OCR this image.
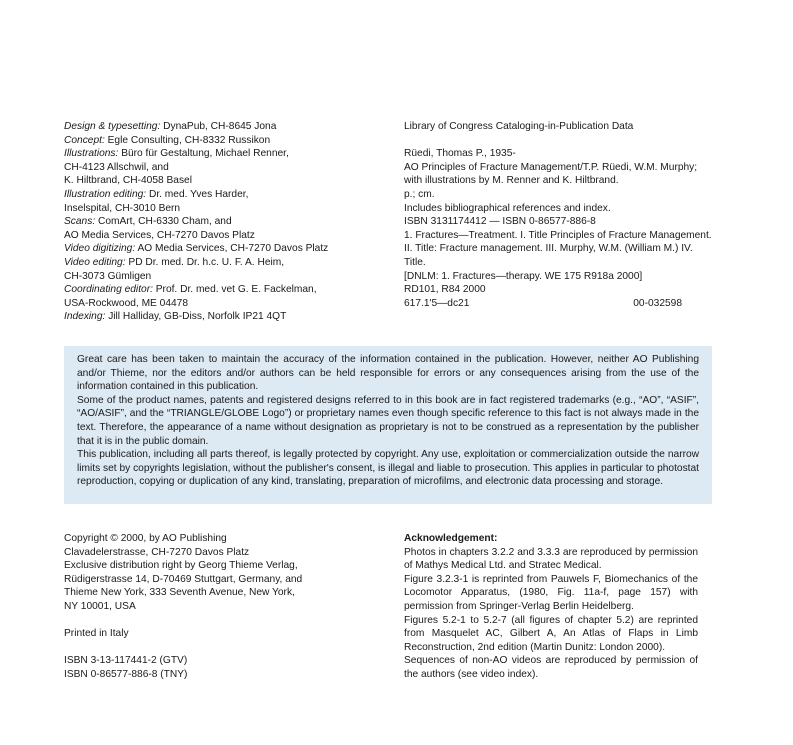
Design & typesetting: DynaPub, CH-8645 Jona
Concept: Egle Consulting, CH-8332 Russikon
Illustrations: Büro für Gestaltung, Michael Renner,
CH-4123 Allschwil, and
K. Hiltbrand, CH-4058 Basel
Illustration editing: Dr. med. Yves Harder,
Inselspital, CH-3010 Bern
Scans: ComArt, CH-6330 Cham, and
AO Media Services, CH-7270 Davos Platz
Video digitizing: AO Media Services, CH-7270 Davos Platz
Video editing: PD Dr. med. Dr. h.c. U. F. A. Heim,
CH-3073 Gümligen
Coordinating editor: Prof. Dr. med. vet G. E. Fackelman,
USA-Rockwood, ME 04478
Indexing: Jill Halliday, GB-Diss, Norfolk IP21 4QT
Library of Congress Cataloging-in-Publication Data
Rüedi, Thomas P., 1935-
AO Principles of Fracture Management/T.P. Rüedi, W.M. Murphy;
with illustrations by M. Renner and K. Hiltbrand.
p.; cm.
Includes bibliographical references and index.
ISBN 3131174412 — ISBN 0-86577-886-8
1. Fractures—Treatment. I. Title Principles of Fracture Management.
II. Title: Fracture management. III. Murphy, W.M. (William M.) IV.
Title.
[DNLM: 1. Fractures—therapy. WE 175 R918a 2000]
RD101, R84 2000
617.1'5—dc21	00-032598

Great care has been taken to maintain the accuracy of the information contained in the publication. However, neither AO Publishing and/or Thieme, nor the editors and/or authors can be held responsible for errors or any consequences arising from the use of the information contained in this publication.

Some of the product names, patents and registered designs referred to in this book are in fact registered trademarks (e.g., “AO”, “ASIF”, “AO/ASIF”, and the “TRIANGLE/GLOBE Logo”) or proprietary names even though specific reference to this fact is not always made in the text. Therefore, the appearance of a name without designation as proprietary is not to be construed as a representation by the publisher that it is in the public domain.

This publication, including all parts thereof, is legally protected by copyright. Any use, exploitation or commercialization outside the narrow limits set by copyrights legislation, without the publisher's consent, is illegal and liable to prosecution. This applies in particular to photostat reproduction, copying or duplication of any kind, translating, preparation of microfilms, and electronic data processing and storage.

Copyright © 2000, by AO Publishing
Clavadelerstrasse, CH-7270 Davos Platz
Exclusive distribution right by Georg Thieme Verlag,
Rüdigerstrasse 14, D-70469 Stuttgart, Germany, and
Thieme New York, 333 Seventh Avenue, New York,
NY 10001, USA
Printed in Italy
ISBN 3-13-117441-2 (GTV)
ISBN 0-86577-886-8 (TNY)
Acknowledgement:

Photos in chapters 3.2.2 and 3.3.3 are reproduced by permission of Mathys Medical Ltd. and Stratec Medical.

Figure 3.2.3-1 is reprinted from Pauwels F, Biomechanics of the Locomotor Apparatus, (1980, Fig. 11a-f, page 157) with permission from Springer-Verlag Berlin Heidelberg.

Figures 5.2-1 to 5.2-7 (all figures of chapter 5.2) are reprinted from Masquelet AC, Gilbert A, An Atlas of Flaps in Limb Reconstruction, 2nd edition (Martin Dunitz: London 2000).

Sequences of non-AO videos are reproduced by permission of the authors (see video index).
